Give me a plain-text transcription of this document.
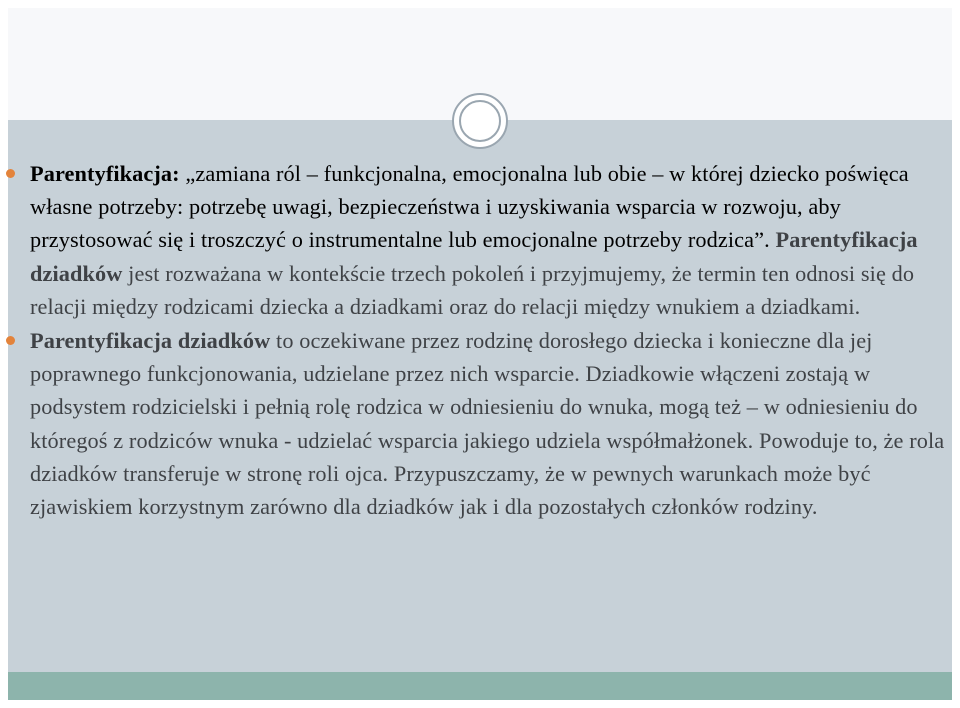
Parentyfikacja: „zamiana ról – funkcjonalna, emocjonalna lub obie – w której dziecko poświęca własne potrzeby: potrzebę uwagi, bezpieczeństwa i uzyskiwania wsparcia w rozwoju, aby przystosować się i troszczyć o instrumentalne lub emocjonalne potrzeby rodzica”. Parentyfikacja dziadków jest rozważana w kontekście trzech pokoleń i przyjmujemy, że termin ten odnosi się do relacji między rodzicami dziecka a dziadkami oraz do relacji między wnukiem a dziadkami.

Parentyfikacja dziadków to oczekiwane przez rodzinę dorosłego dziecka i konieczne dla jej poprawnego funkcjonowania, udzielane przez nich wsparcie. Dziadkowie włączeni zostają w podsystem rodzicielski i pełnią rolę rodzica w odniesieniu do wnuka, mogą też – w odniesieniu do któregoś z rodziców wnuka - udzielać wsparcia jakiego udziela współmałżonek. Powoduje to, że rola dziadków transferuje w stronę roli ojca. Przypuszczamy, że w pewnych warunkach może być zjawiskiem korzystnym zarówno dla dziadków jak i dla pozostałych członków rodziny.
